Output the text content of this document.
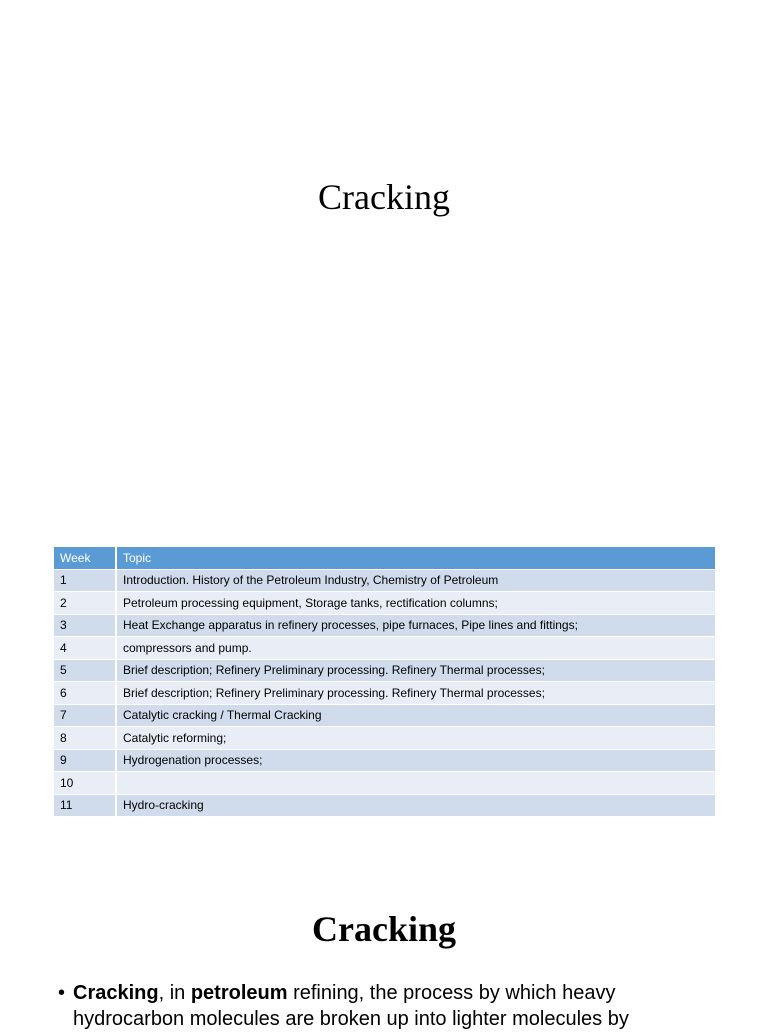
Cracking
Week	Topic
1	Introduction. History of the Petroleum Industry, Chemistry of Petroleum
2	Petroleum processing equipment, Storage tanks, rectification columns;
3	Heat Exchange apparatus in refinery processes, pipe furnaces, Pipe lines and fittings;
4	compressors and pump.
5	Brief description; Refinery Preliminary processing. Refinery Thermal processes;
6	Brief description; Refinery Preliminary processing. Refinery Thermal processes;
7	Catalytic cracking / Thermal Cracking
8	Catalytic reforming;
9	Hydrogenation processes;
10	
11	Hydro-cracking
Cracking
• Cracking, in petroleum refining, the process by which heavy hydrocarbon molecules are broken up into lighter molecules by
